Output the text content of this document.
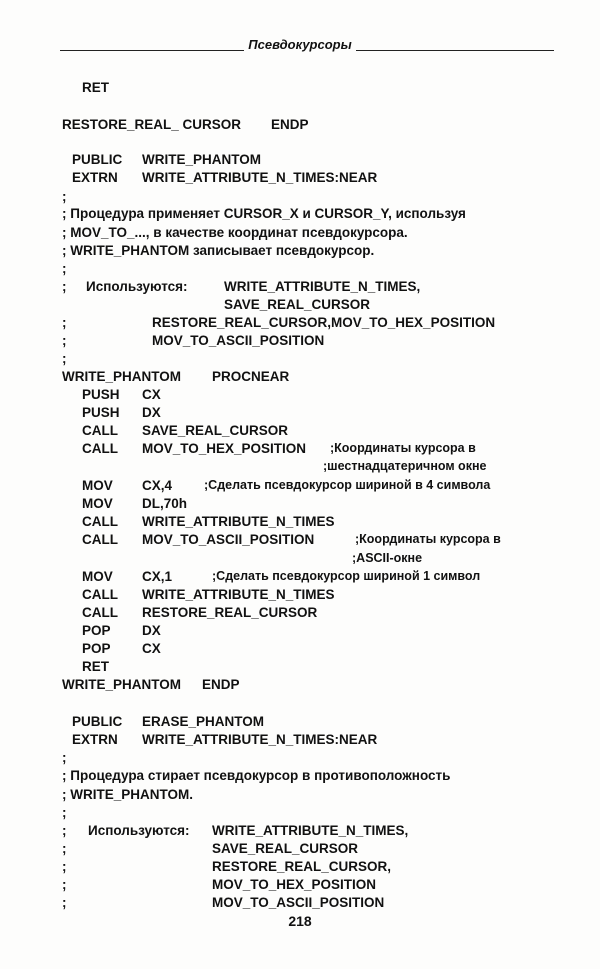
Псевдокурсоры
RET
RESTORE_REAL_ CURSOR ENDP
PUBLIC WRITE_PHANTOM
EXTRN WRITE_ATTRIBUTE_N_TIMES:NEAR
;
; Процедура применяет CURSOR_X и CURSOR_Y, используя
; MOV_TO_..., в качестве координат псевдокурсора.
; WRITE_PHANTOM записывает псевдокурсор.
;
; Используются:	WRITE_ATTRIBUTE_N_TIMES,
SAVE_REAL_CURSOR
;	RESTORE_REAL_CURSOR,MOV_TO_HEX_POSITION
;	MOV_TO_ASCII_POSITION
;
WRITE_PHANTOM PROCNEAR
PUSH CX
PUSH DX
CALL SAVE_REAL_CURSOR
CALL MOV_TO_HEX_POSITION ;Координаты курсора в
;шестнадцатеричном окне
MOV CX,4	;Сделать псевдокурсор шириной в 4 символа
MOV DL,70h
CALL WRITE_ATTRIBUTE_N_TIMES
CALL MOV_TO_ASCII_POSITION	;Координаты курсора в
;ASCII-окне
MOV CX,1	;Сделать псевдокурсор шириной 1 символ
CALL WRITE_ATTRIBUTE_N_TIMES
CALL RESTORE_REAL_CURSOR
POP DX
POP CX
RET
WRITE_PHANTOM ENDP
PUBLIC ERASE_PHANTOM
EXTRN WRITE_ATTRIBUTE_N_TIMES:NEAR
;
; Процедура стирает псевдокурсор в противоположность
; WRITE_PHANTOM.
;
; Используются: WRITE_ATTRIBUTE_N_TIMES,
;	SAVE_REAL_CURSOR
;	RESTORE_REAL_CURSOR,
;	MOV_TO_HEX_POSITION
;	MOV_TO_ASCII_POSITION
218
